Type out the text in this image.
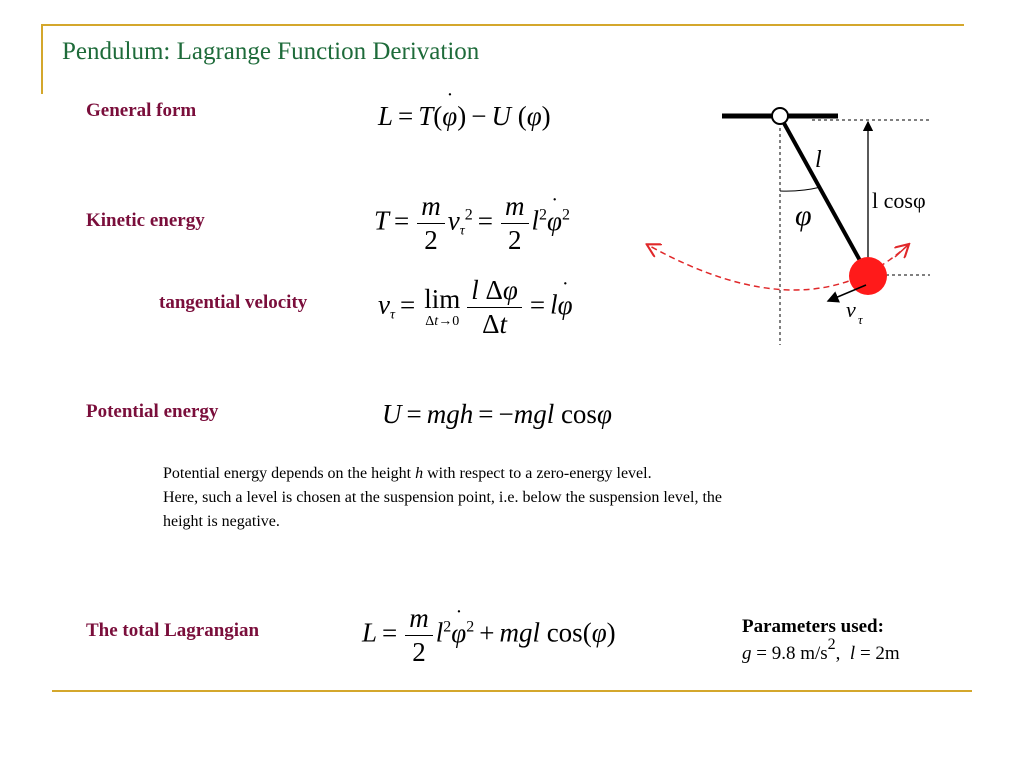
Pendulum: Lagrange Function Derivation
General form
Kinetic energy
tangential velocity
Potential energy
The total Lagrangian
L = T(˙ φ) − U (φ)
$T = \frac{m}{2} v_\tau^2 = \frac{m}{2}$ $l^2˙$ $\varphi^2$
$v_\tau = \lim$
$\Delta t\to 0 \frac{\text{l Δφ}}{\Delta t}$ = l˙ φ
U = mgh = −mgl cosφ
$L = \frac{m}{2}$ $l^2˙$ $\varphi^2$ + mgl cos(φ)
Potential energy depends on the height h with respect to a zero-energy level.
Here, such a level is chosen at the suspension point, i.e. below the suspension level, the
height is negative.
Parameters used:
g = 9.8 $m/s^2$,  l = 2m
l
l cosφ
φ
v τ
